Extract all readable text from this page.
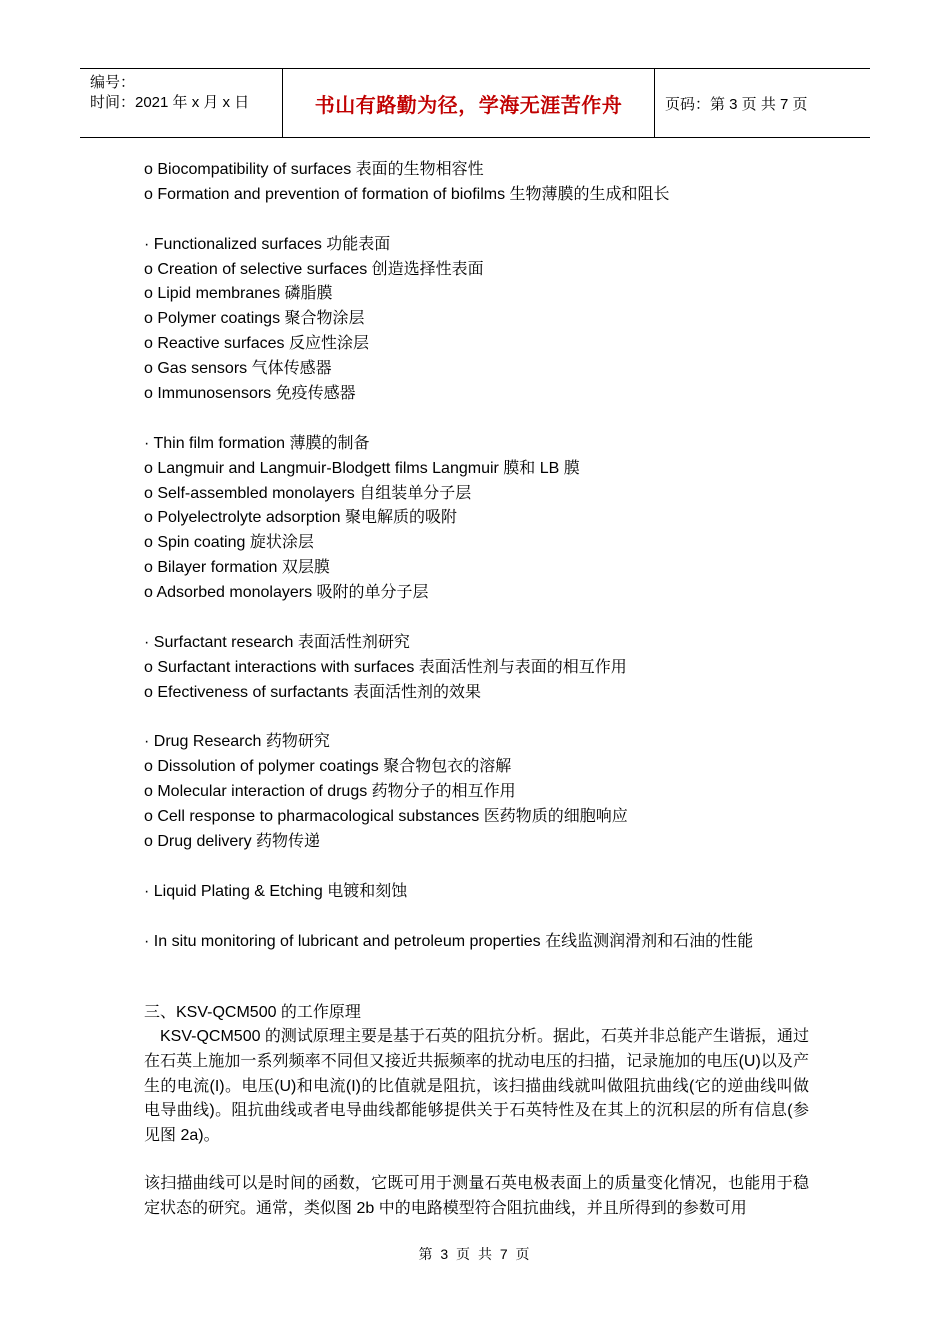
编号：
时间：2021 年 x 月 x 日	书山有路勤为径，学海无涯苦作舟	页码：第 3 页 共 7 页
o Biocompatibility of surfaces 表面的生物相容性
o Formation and prevention of formation of biofilms 生物薄膜的生成和阻长
· Functionalized surfaces 功能表面
o Creation of selective surfaces 创造选择性表面
o Lipid membranes 磷脂膜
o Polymer coatings 聚合物涂层
o Reactive surfaces 反应性涂层
o Gas sensors 气体传感器
o Immunosensors 免疫传感器
· Thin film formation 薄膜的制备
o Langmuir and Langmuir-Blodgett films Langmuir 膜和 LB 膜
o Self-assembled monolayers 自组装单分子层
o Polyelectrolyte adsorption 聚电解质的吸附
o Spin coating 旋状涂层
o Bilayer formation 双层膜
o Adsorbed monolayers 吸附的单分子层
· Surfactant research 表面活性剂研究
o Surfactant interactions with surfaces 表面活性剂与表面的相互作用
o Efectiveness of surfactants 表面活性剂的效果
· Drug Research 药物研究
o Dissolution of polymer coatings 聚合物包衣的溶解
o Molecular interaction of drugs 药物分子的相互作用
o Cell response to pharmacological substances 医药物质的细胞响应
o Drug delivery 药物传递
· Liquid Plating & Etching 电镀和刻蚀
· In situ monitoring of lubricant and petroleum properties 在线监测润滑剂和石油的性能
三、KSV-QCM500 的工作原理

KSV-QCM500 的测试原理主要是基于石英的阻抗分析。据此，石英并非总能产生谐振，通过在石英上施加一系列频率不同但又接近共振频率的扰动电压的扫描，记录施加的电压(U)以及产生的电流(I)。电压(U)和电流(I)的比值就是阻抗，该扫描曲线就叫做阻抗曲线(它的逆曲线叫做电导曲线)。阻抗曲线或者电导曲线都能够提供关于石英特性及在其上的沉积层的所有信息(参见图 2a)。

该扫描曲线可以是时间的函数，它既可用于测量石英电极表面上的质量变化情况，也能用于稳定状态的研究。通常，类似图 2b 中的电路模型符合阻抗曲线，并且所得到的参数可用

第 3 页 共 7 页
